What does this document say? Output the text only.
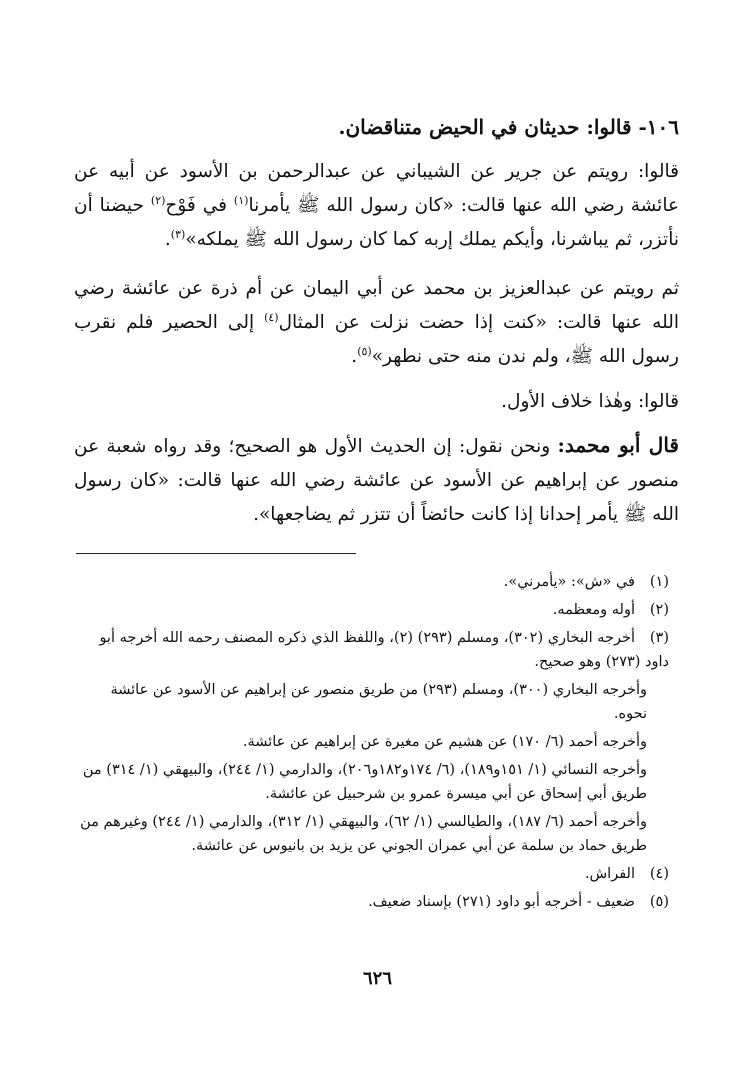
١٠٦- قالوا: حديثان في الحيض متناقضان.
قالوا: رويتم عن جرير عن الشيباني عن عبدالرحمن بن الأسود عن أبيه عن عائشة رضي الله عنها قالت: «كان رسول الله ﷺ يأمرنا$^{(١)}$ في فَوْح$^{(٢)}$ حيضنا أن نأتزر، ثم يباشرنا، وأيكم يملك إربه كما كان رسول الله ﷺ يملكه»$^{(٣)}$.
ثم رويتم عن عبدالعزيز بن محمد عن أبي اليمان عن أم ذرة عن عائشة رضي الله عنها قالت: «كنت إذا حضت نزلت عن المثال$^{(٤)}$ إلى الحصير فلم نقرب رسول الله ﷺ، ولم ندن منه حتى نطهر»$^{(٥)}$.
قالوا: وهٰذا خلاف الأول.
قال أبو محمد: ونحن نقول: إن الحديث الأول هو الصحيح؛ وقد رواه شعبة عن منصور عن إبراهيم عن الأسود عن عائشة رضي الله عنها قالت: «كان رسول الله ﷺ يأمر إحدانا إذا كانت حائضاً أن تتزر ثم يضاجعها».
(١)في «ش»: «يأمرني».
(٢)أوله ومعظمه.
(٣)أخرجه البخاري (٣٠٢)، ومسلم (٢٩٣) (٢)، واللفظ الذي ذكره المصنف رحمه الله أخرجه أبو داود (٢٧٣) وهو صحيح.
وأخرجه البخاري (٣٠٠)، ومسلم (٢٩٣) من طريق منصور عن إبراهيم عن الأسود عن عائشة نحوه.
وأخرجه أحمد (٦/ ١٧٠) عن هشيم عن مغيرة عن إبراهيم عن عائشة.
وأخرجه النسائي (١/ ١٥١و١٨٩)، (٦/ ١٧٤و١٨٢و٢٠٦)، والدارمي (١/ ٢٤٤)، والبيهقي (١/ ٣١٤) من طريق أبي إسحاق عن أبي ميسرة عمرو بن شرحبيل عن عائشة.
وأخرجه أحمد (٦/ ١٨٧)، والطيالسي (١/ ٦٢)، والبيهقي (١/ ٣١٢)، والدارمي (١/ ٢٤٤) وغيرهم من طريق حماد بن سلمة عن أبي عمران الجوني عن يزيد بن بانيوس عن عائشة.
(٤)الفراش.
(٥)ضعيف - أخرجه أبو داود (٢٧١) بإسناد ضعيف.
٦٢٦
